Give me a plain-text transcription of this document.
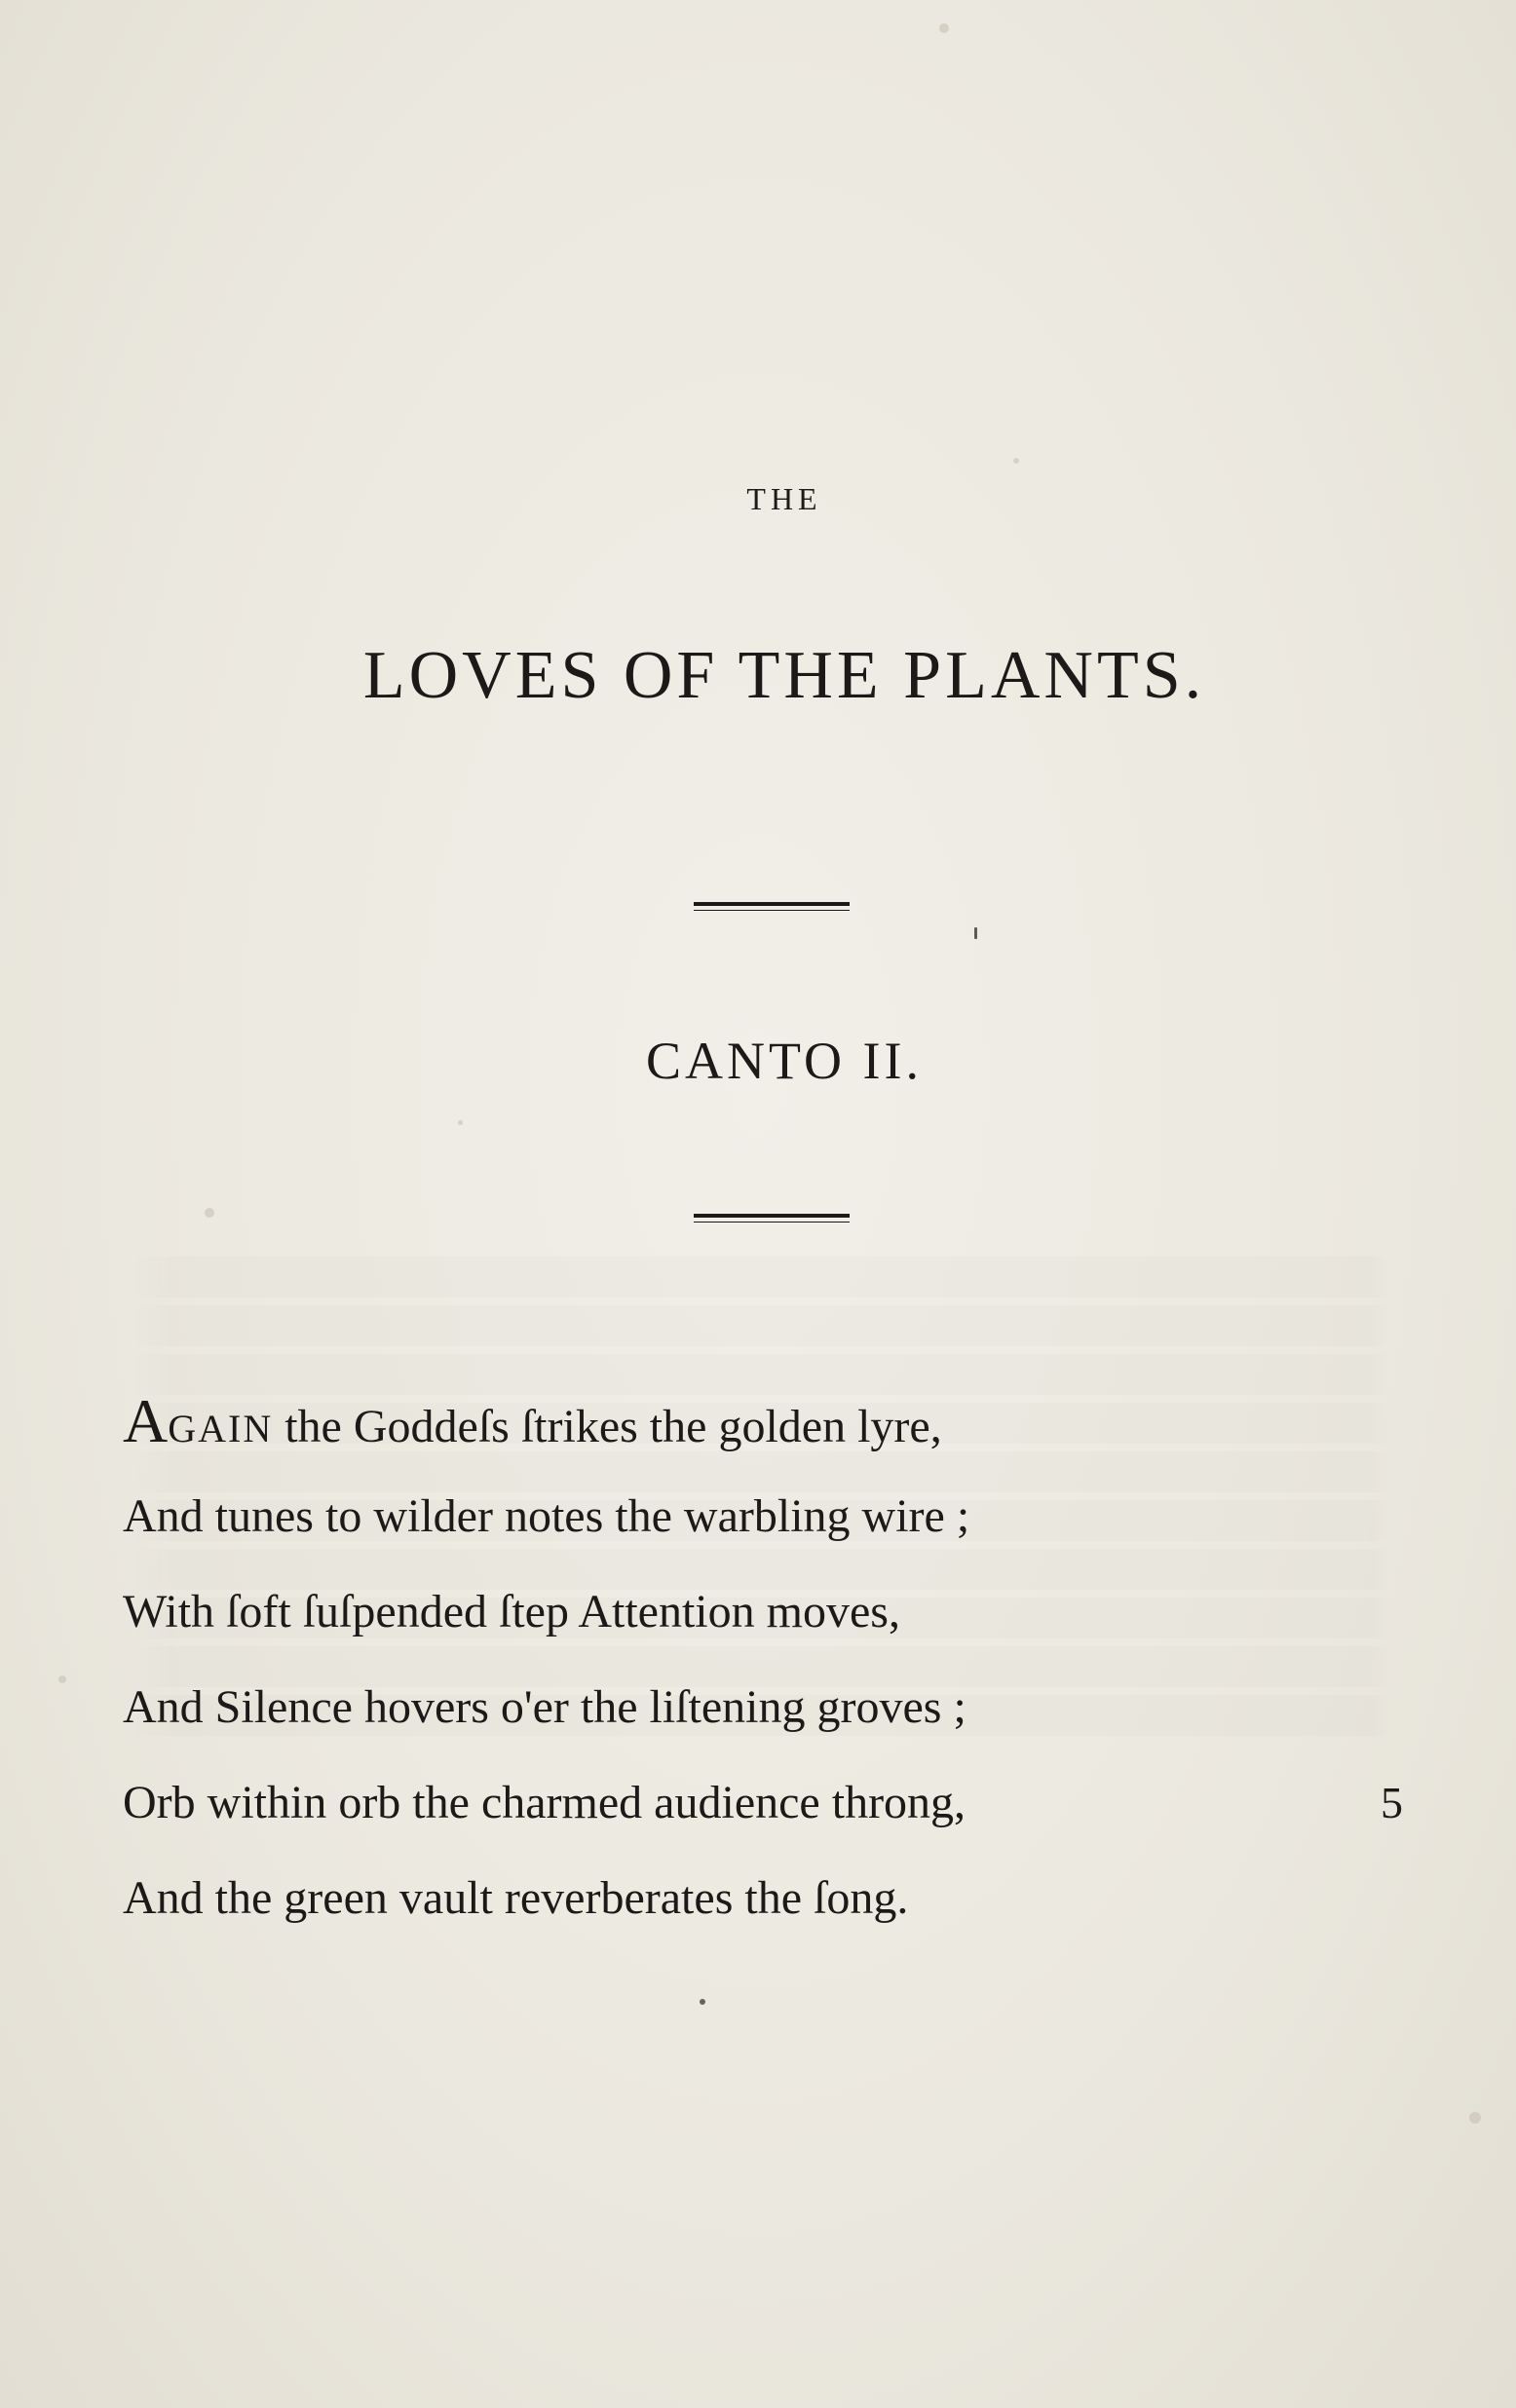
THE
LOVES OF THE PLANTS.
CANTO II.
AGAIN the Goddeſs ſtrikes the golden lyre,
And tunes to wilder notes the warbling wire ;
With ſoft ſuſpended ſtep Attention moves,
And Silence hovers o'er the liſtening groves ;
Orb within orb the charmed audience throng,	5
And the green vault reverberates the ſong.
